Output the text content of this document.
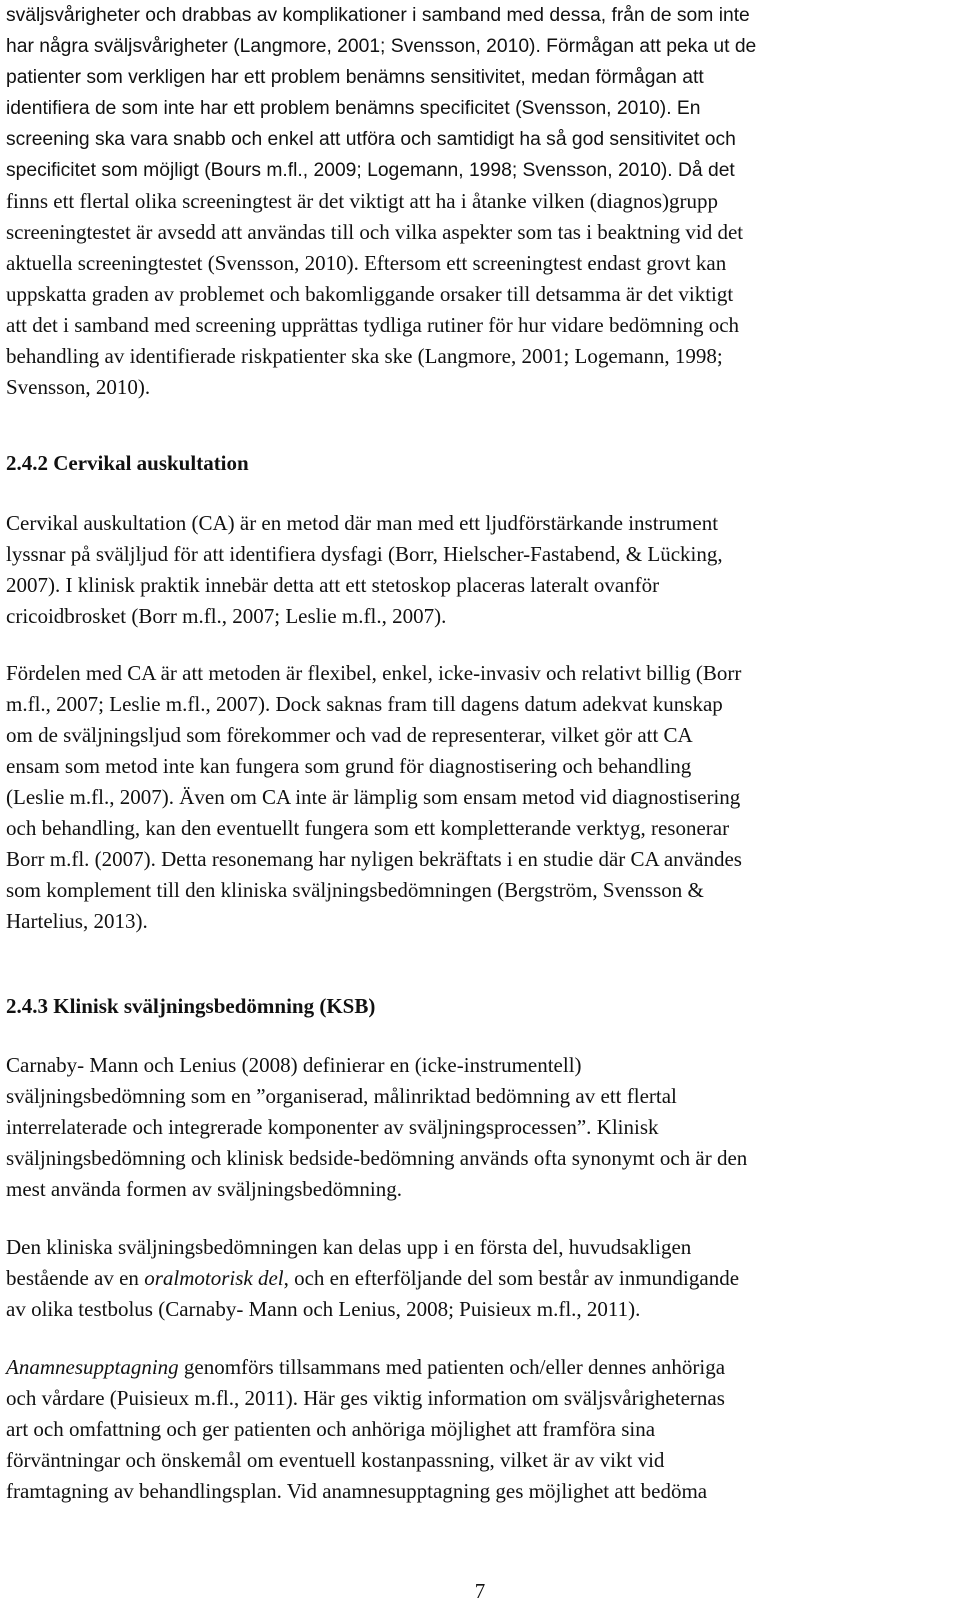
sväljsvårigheter och drabbas av komplikationer i samband med dessa, från de som inte
har några sväljsvårigheter (Langmore, 2001; Svensson, 2010). Förmågan att peka ut de
patienter som verkligen har ett problem benämns sensitivitet, medan förmågan att
identifiera de som inte har ett problem benämns specificitet (Svensson, 2010). En
screening ska vara snabb och enkel att utföra och samtidigt ha så god sensitivitet och
specificitet som möjligt (Bours m.fl., 2009; Logemann, 1998; Svensson, 2010). Då det
finns ett flertal olika screeningtest är det viktigt att ha i åtanke vilken (diagnos)grupp
screeningtestet är avsedd att användas till och vilka aspekter som tas i beaktning vid det
aktuella screeningtestet (Svensson, 2010). Eftersom ett screeningtest endast grovt kan
uppskatta graden av problemet och bakomliggande orsaker till detsamma är det viktigt
att det i samband med screening upprättas tydliga rutiner för hur vidare bedömning och
behandling av identifierade riskpatienter ska ske (Langmore, 2001; Logemann, 1998;
Svensson, 2010).
2.4.2 Cervikal auskultation
Cervikal auskultation (CA) är en metod där man med ett ljudförstärkande instrument
lyssnar på sväljljud för att identifiera dysfagi (Borr, Hielscher-Fastabend, & Lücking,
2007). I klinisk praktik innebär detta att ett stetoskop placeras lateralt ovanför
cricoidbrosket (Borr m.fl., 2007; Leslie m.fl., 2007).
Fördelen med CA är att metoden är flexibel, enkel, icke-invasiv och relativt billig (Borr
m.fl., 2007; Leslie m.fl., 2007). Dock saknas fram till dagens datum adekvat kunskap
om de sväljningsljud som förekommer och vad de representerar, vilket gör att CA
ensam som metod inte kan fungera som grund för diagnostisering och behandling
(Leslie m.fl., 2007). Även om CA inte är lämplig som ensam metod vid diagnostisering
och behandling, kan den eventuellt fungera som ett kompletterande verktyg, resonerar
Borr m.fl. (2007). Detta resonemang har nyligen bekräftats i en studie där CA användes
som komplement till den kliniska sväljningsbedömningen (Bergström, Svensson &
Hartelius, 2013).
2.4.3 Klinisk sväljningsbedömning (KSB)
Carnaby- Mann och Lenius (2008) definierar en (icke-instrumentell)
sväljningsbedömning som en ”organiserad, målinriktad bedömning av ett flertal
interrelaterade och integrerade komponenter av sväljningsprocessen”. Klinisk
sväljningsbedömning och klinisk bedside-bedömning används ofta synonymt och är den
mest använda formen av sväljningsbedömning.
Den kliniska sväljningsbedömningen kan delas upp i en första del, huvudsakligen
bestående av en oralmotorisk del, och en efterföljande del som består av inmundigande
av olika testbolus (Carnaby- Mann och Lenius, 2008; Puisieux m.fl., 2011).
Anamnesupptagning genomförs tillsammans med patienten och/eller dennes anhöriga
och vårdare (Puisieux m.fl., 2011). Här ges viktig information om sväljsvårigheternas
art och omfattning och ger patienten och anhöriga möjlighet att framföra sina
förväntningar och önskemål om eventuell kostanpassning, vilket är av vikt vid
framtagning av behandlingsplan. Vid anamnesupptagning ges möjlighet att bedöma
7
